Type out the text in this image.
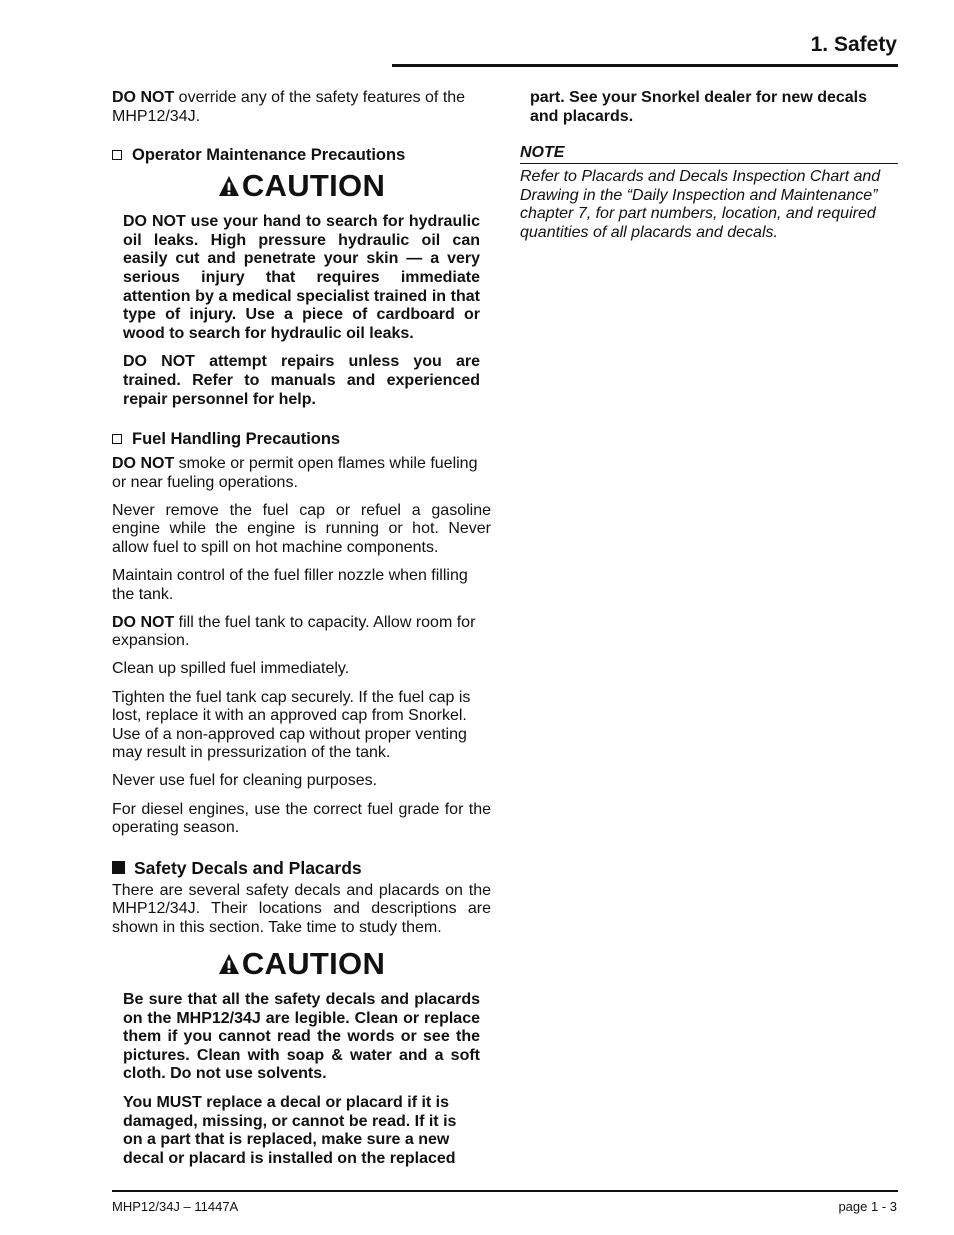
1. Safety

DO NOT override any of the safety features of the MHP12/34J.

Operator Maintenance Precautions
CAUTION

DO NOT use your hand to search for hydraulic oil leaks. High pressure hydraulic oil can easily cut and penetrate your skin — a very serious injury that requires immediate attention by a medical specialist trained in that type of injury. Use a piece of cardboard or wood to search for hydraulic oil leaks.

DO NOT attempt repairs unless you are trained. Refer to manuals and experienced repair personnel for help.

Fuel Handling Precautions

DO NOT smoke or permit open flames while fueling or near fueling operations.

Never remove the fuel cap or refuel a gasoline engine while the engine is running or hot. Never allow fuel to spill on hot machine components.

Maintain control of the fuel filler nozzle when filling the tank.

DO NOT fill the fuel tank to capacity. Allow room for expansion.

Clean up spilled fuel immediately.

Tighten the fuel tank cap securely. If the fuel cap is lost, replace it with an approved cap from Snorkel. Use of a non-approved cap without proper venting may result in pressurization of the tank.

Never use fuel for cleaning purposes.

For diesel engines, use the correct fuel grade for the operating season.

Safety Decals and Placards

There are several safety decals and placards on the MHP12/34J. Their locations and descriptions are shown in this section. Take time to study them.

CAUTION

Be sure that all the safety decals and placards on the MHP12/34J are legible. Clean or replace them if you cannot read the words or see the pictures. Clean with soap & water and a soft cloth. Do not use solvents.

You MUST replace a decal or placard if it is damaged, missing, or cannot be read. If it is on a part that is replaced, make sure a new decal or placard is installed on the replaced

part. See your Snorkel dealer for new decals and placards.

NOTE

Refer to Placards and Decals Inspection Chart and Drawing in the “Daily Inspection and Maintenance” chapter 7, for part numbers, location, and required quantities of all placards and decals.

MHP12/34J – 11447A	page 1 - 3
